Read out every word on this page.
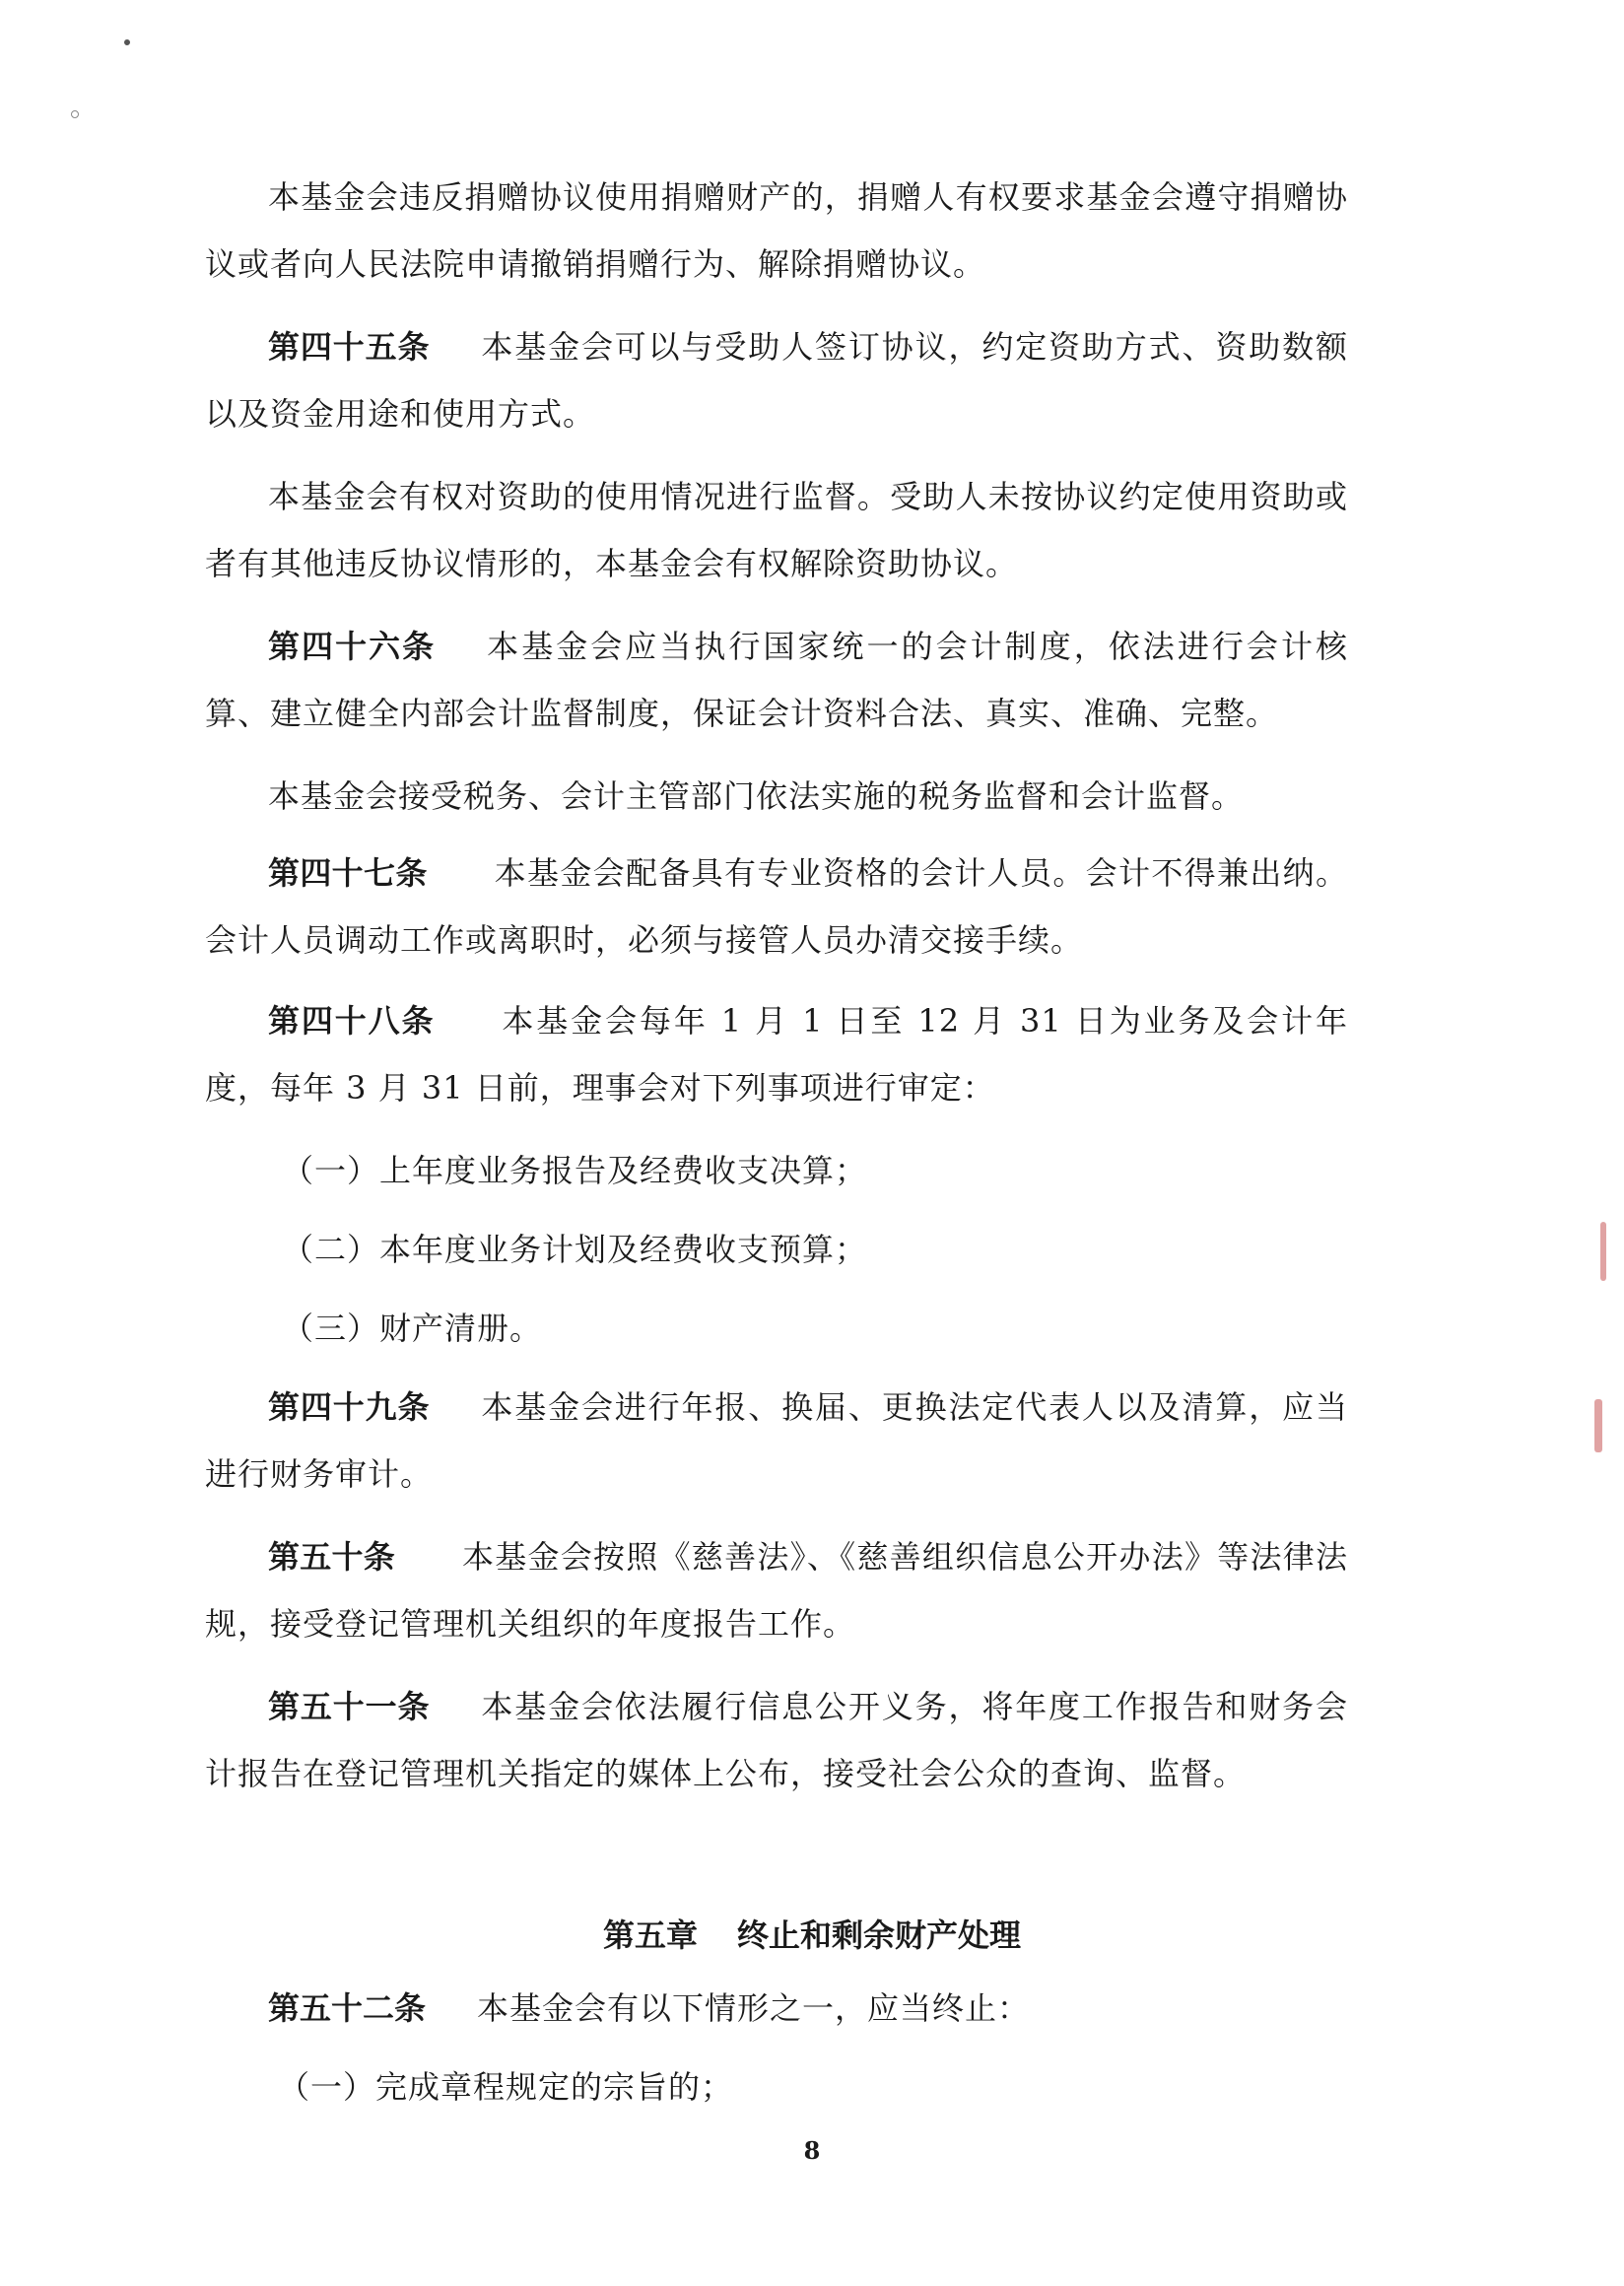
本基金会违反捐赠协议使用捐赠财产的，捐赠人有权要求基金会遵守捐赠协议或者向人民法院申请撤销捐赠行为、解除捐赠协议。

第四十五条 本基金会可以与受助人签订协议，约定资助方式、资助数额以及资金用途和使用方式。

本基金会有权对资助的使用情况进行监督。受助人未按协议约定使用资助或者有其他违反协议情形的，本基金会有权解除资助协议。

第四十六条 本基金会应当执行国家统一的会计制度，依法进行会计核算、建立健全内部会计监督制度，保证会计资料合法、真实、准确、完整。

本基金会接受税务、会计主管部门依法实施的税务监督和会计监督。

第四十七条 本基金会配备具有专业资格的会计人员。会计不得兼出纳。会计人员调动工作或离职时，必须与接管人员办清交接手续。

第四十八条 本基金会每年 1 月 1 日至 12 月 31 日为业务及会计年度，每年 3 月 31 日前，理事会对下列事项进行审定：

（一）上年度业务报告及经费收支决算；

（二）本年度业务计划及经费收支预算；

（三）财产清册。

第四十九条 本基金会进行年报、换届、更换法定代表人以及清算，应当进行财务审计。

第五十条 本基金会按照《慈善法》、《慈善组织信息公开办法》等法律法规，接受登记管理机关组织的年度报告工作。

第五十一条 本基金会依法履行信息公开义务，将年度工作报告和财务会计报告在登记管理机关指定的媒体上公布，接受社会公众的查询、监督。

第五章 终止和剩余财产处理

第五十二条 本基金会有以下情形之一，应当终止：

（一）完成章程规定的宗旨的；

8
